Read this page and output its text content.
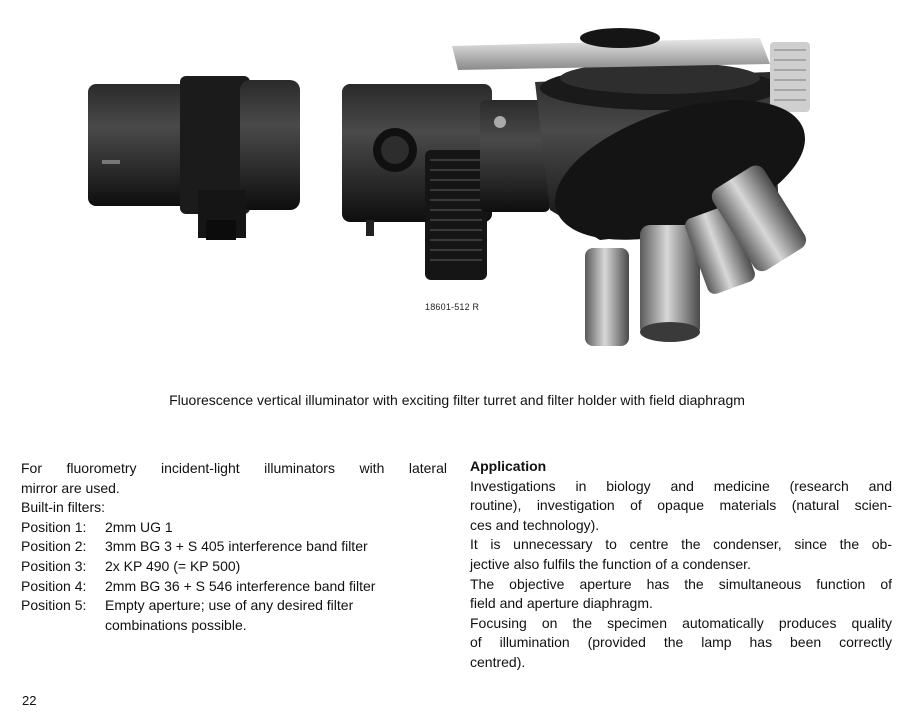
18601-512 R
Fluorescence vertical illuminator with exciting filter turret and filter holder with field diaphragm
For fluorometry incident-light illuminators with lateral
mirror are used.
Built-in filters:
Position 1:	2mm UG 1
Position 2:	3mm BG 3 + S 405 interference band filter
Position 3:	2x KP 490 (= KP 500)
Position 4:	2mm BG 36 + S 546 interference band filter
Position 5:	Empty aperture; use of any desired filter
combinations possible.
Application
Investigations in biology and medicine (research and
routine), investigation of opaque materials (natural scien-
ces and technology).
It is unnecessary to centre the condenser, since the ob-
jective also fulfils the function of a condenser.
The objective aperture has the simultaneous function of
field and aperture diaphragm.
Focusing on the specimen automatically produces quality
of illumination (provided the lamp has been correctly
centred).
22
